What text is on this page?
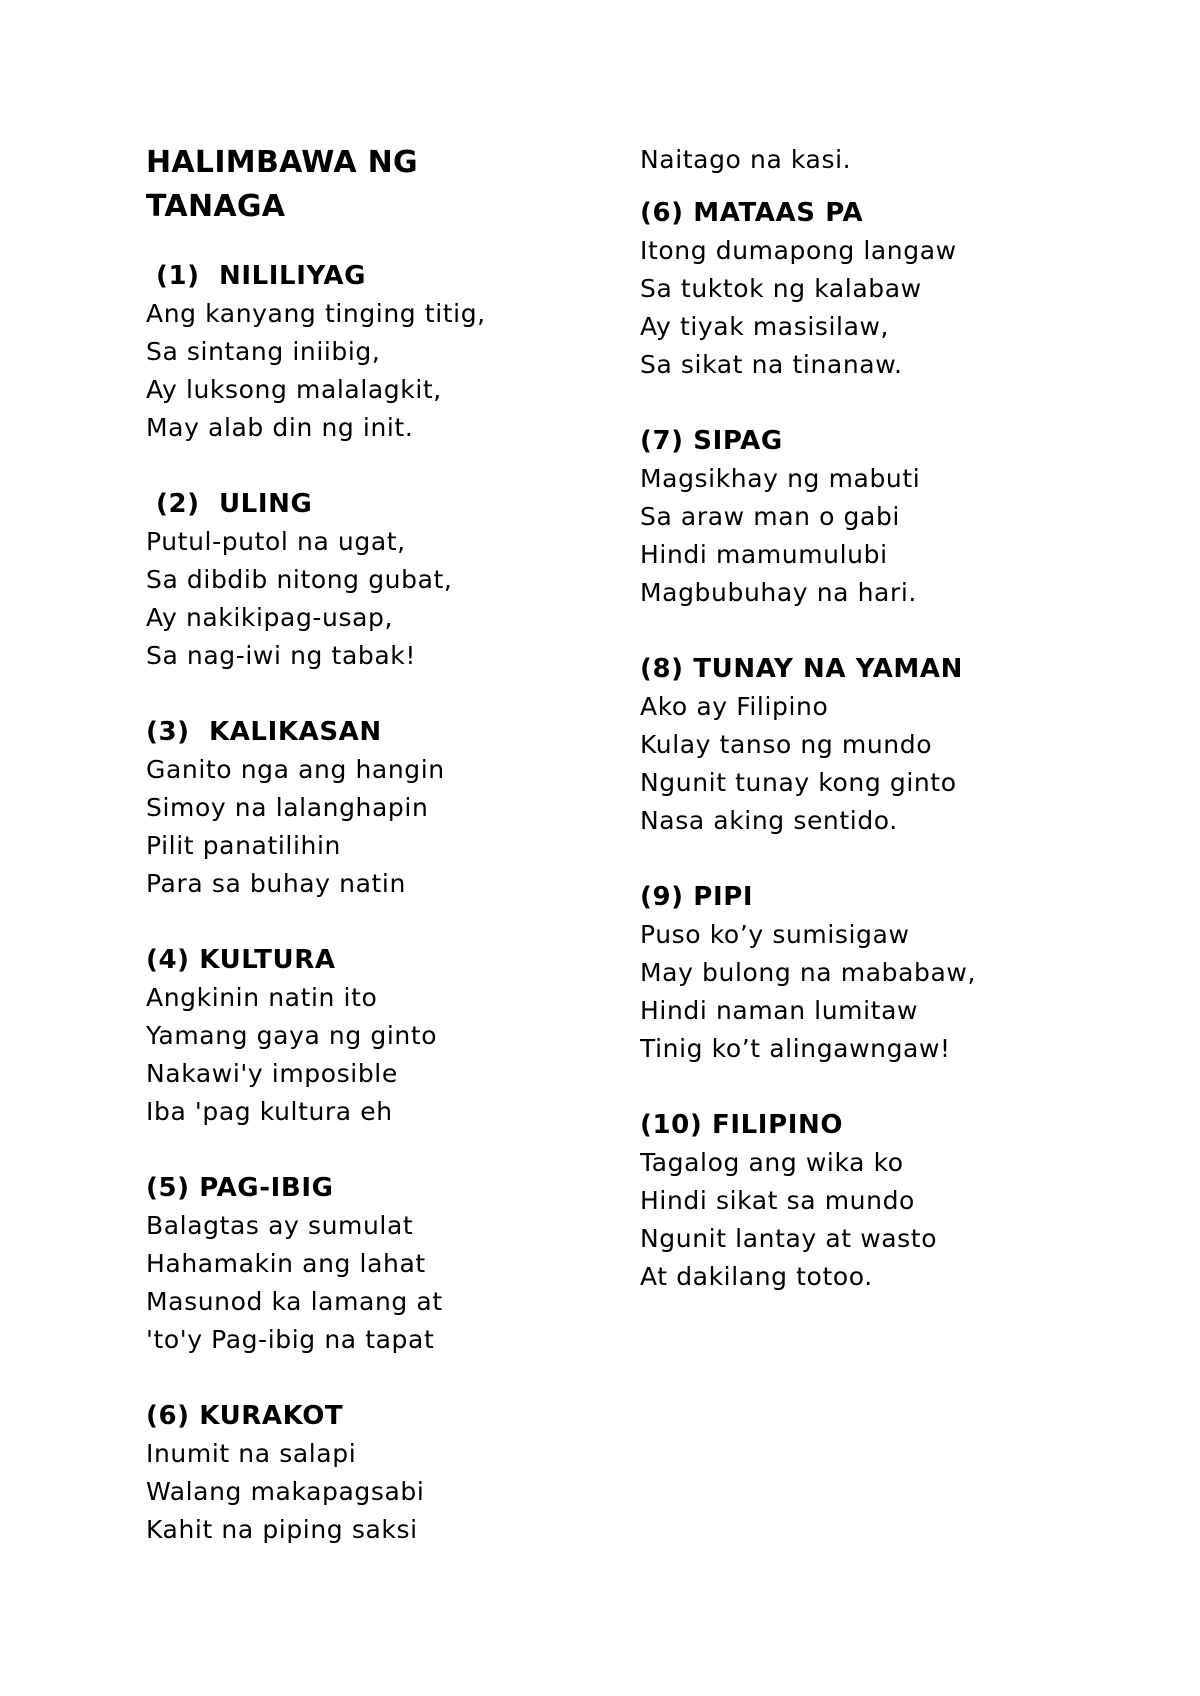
HALIMBAWA NG
TANAGA
(1)  NILILIYAG
Ang kanyang tinging titig,
Sa sintang iniibig,
Ay luksong malalagkit,
May alab din ng init.
(2)  ULING
Putul-putol na ugat,
Sa dibdib nitong gubat,
Ay nakikipag-usap,
Sa nag-iwi ng tabak!
(3)  KALIKASAN
Ganito nga ang hangin
Simoy na lalanghapin
Pilit panatilihin
Para sa buhay natin
(4) KULTURA
Angkinin natin ito
Yamang gaya ng ginto
Nakawi'y imposible
Iba 'pag kultura eh
(5) PAG-IBIG
Balagtas ay sumulat
Hahamakin ang lahat
Masunod ka lamang at
'to'y Pag-ibig na tapat
(6) KURAKOT
Inumit na salapi
Walang makapagsabi
Kahit na piping saksi
Naitago na kasi.
(6) MATAAS PA
Itong dumapong langaw
Sa tuktok ng kalabaw
Ay tiyak masisilaw,
Sa sikat na tinanaw.
(7) SIPAG
Magsikhay ng mabuti
Sa araw man o gabi
Hindi mamumulubi
Magbubuhay na hari.
(8) TUNAY NA YAMAN
Ako ay Filipino
Kulay tanso ng mundo
Ngunit tunay kong ginto
Nasa aking sentido.
(9) PIPI
Puso ko’y sumisigaw
May bulong na mababaw,
Hindi naman lumitaw
Tinig ko’t alingawngaw!
(10) FILIPINO
Tagalog ang wika ko
Hindi sikat sa mundo
Ngunit lantay at wasto
At dakilang totoo.
